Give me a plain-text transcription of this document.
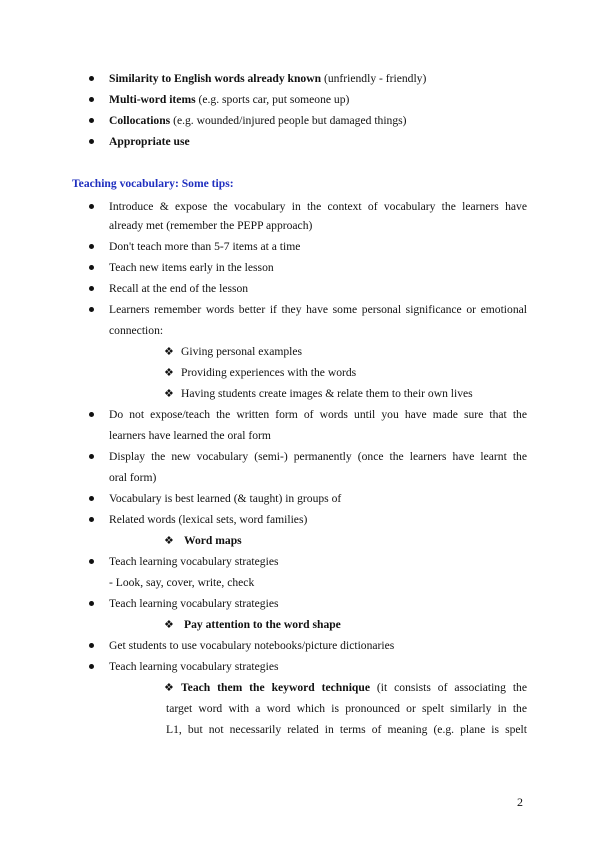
Similarity to English words already known (unfriendly - friendly)
Multi-word items (e.g. sports car, put someone up)
Collocations (e.g. wounded/injured people but damaged things)
Appropriate use
Teaching vocabulary: Some tips:
Introduce & expose the vocabulary in the context of vocabulary the learners have
already met (remember the PEPP approach)
Don't teach more than 5-7 items at a time
Teach new items early in the lesson
Recall at the end of the lesson
Learners remember words better if they have some personal significance or emotional
connection:
❖ Giving personal examples
❖ Providing experiences with the words
❖ Having students create images & relate them to their own lives
Do not expose/teach the written form of words until you have made sure that the
learners have learned the oral form
Display the new vocabulary (semi-) permanently (once the learners have learnt the
oral form)
Vocabulary is best learned (& taught) in groups of
Related words (lexical sets, word families)
❖ Word maps
Teach learning vocabulary strategies
- Look, say, cover, write, check
Teach learning vocabulary strategies
❖ Pay attention to the word shape
Get students to use vocabulary notebooks/picture dictionaries
Teach learning vocabulary strategies
❖ Teach them the keyword technique (it consists of associating the
target word with a word which is pronounced or spelt similarly in the
L1, but not necessarily related in terms of meaning (e.g. plane is spelt
2
